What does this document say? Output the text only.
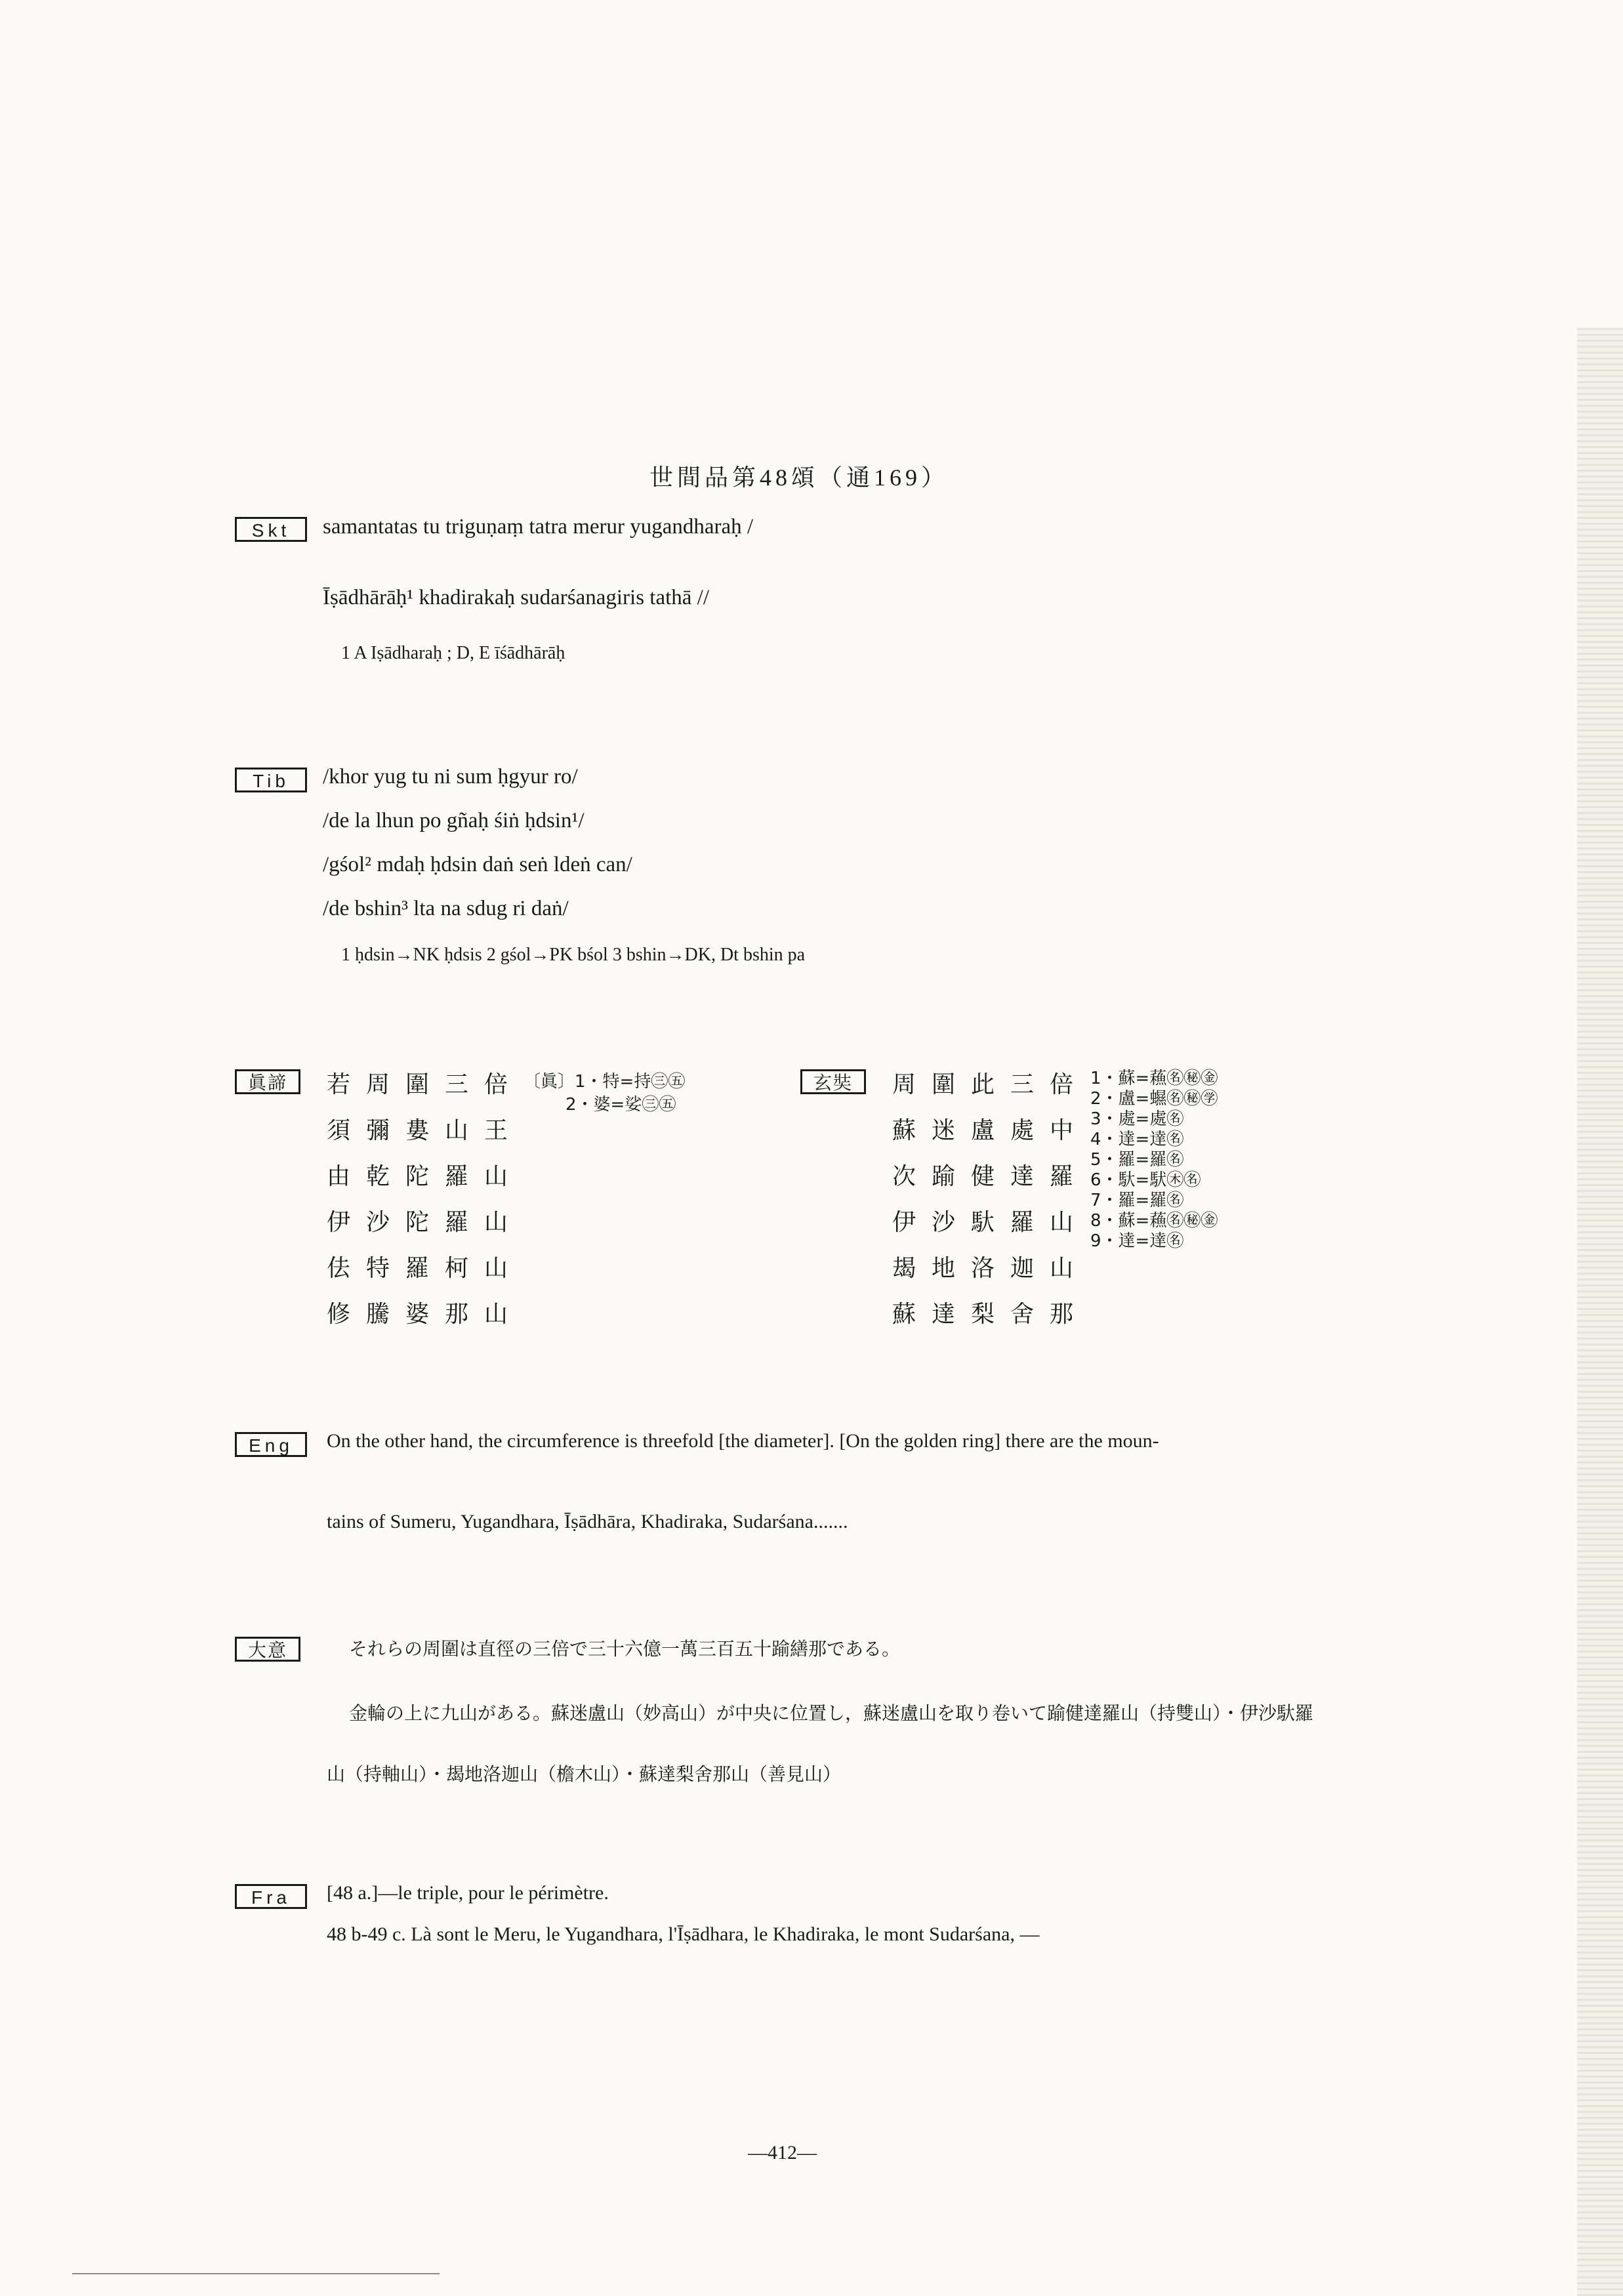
世間品第48頌（通169）
Skt	samantatas tu triguṇaṃ tatra merur yugandharaḥ /
Īṣādhārāḥ¹ khadirakaḥ sudarśanagiris tathā //
1 A Iṣādharaḥ ; D, E īśādhārāḥ
Tib	/khor yug tu ni sum ḥgyur ro/
/de la lhun po gñaḥ śiṅ ḥdsin¹/
/gśol² mdaḥ ḥdsin daṅ seṅ ldeṅ can/
/de bshin³ lta na sdug ri daṅ/
1 ḥdsin→NK ḥdsis 2 gśol→PK bśol 3 bshin→DK, Dt bshin pa
眞諦	若周圍三倍
須彌婁山王
由乾陀羅山
伊沙陀羅山
佉特羅柯山
修騰婆那山
〔眞〕1・特=持㊂㊄
2・婆=娑㊂㊄
玄奘	周圍此三倍
蘇迷盧處中
次踰健達羅
伊沙馱羅山
朅地洛迦山
蘇達梨舍那
1・蘇=蘓㊔㊙㊎
2・盧=䗾㊔㊙㊫
3・處=處㊔
4・達=達㊔
5・羅=羅㊔
6・馱=䭾㊍㊔
7・羅=羅㊔
8・蘇=蘓㊔㊙㊎
9・達=達㊔
Eng	On the other hand, the circumference is threefold [the diameter]. [On the golden ring] there are the moun-
tains of Sumeru, Yugandhara, Īṣādhāra, Khadiraka, Sudarśana.......
大意	それらの周圍は直徑の三倍で三十六億一萬三百五十踰繕那である。
金輪の上に九山がある。蘇迷盧山（妙高山）が中央に位置し，蘇迷盧山を取り卷いて踰健達羅山（持雙山）・伊沙馱羅
山（持軸山）・朅地洛迦山（檐木山）・蘇達梨舍那山（善見山）
Fra	[48 a.]—le triple, pour le périmètre.
48 b-49 c. Là sont le Meru, le Yugandhara, l'Īṣādhara, le Khadiraka, le mont Sudarśana, —
—412—
